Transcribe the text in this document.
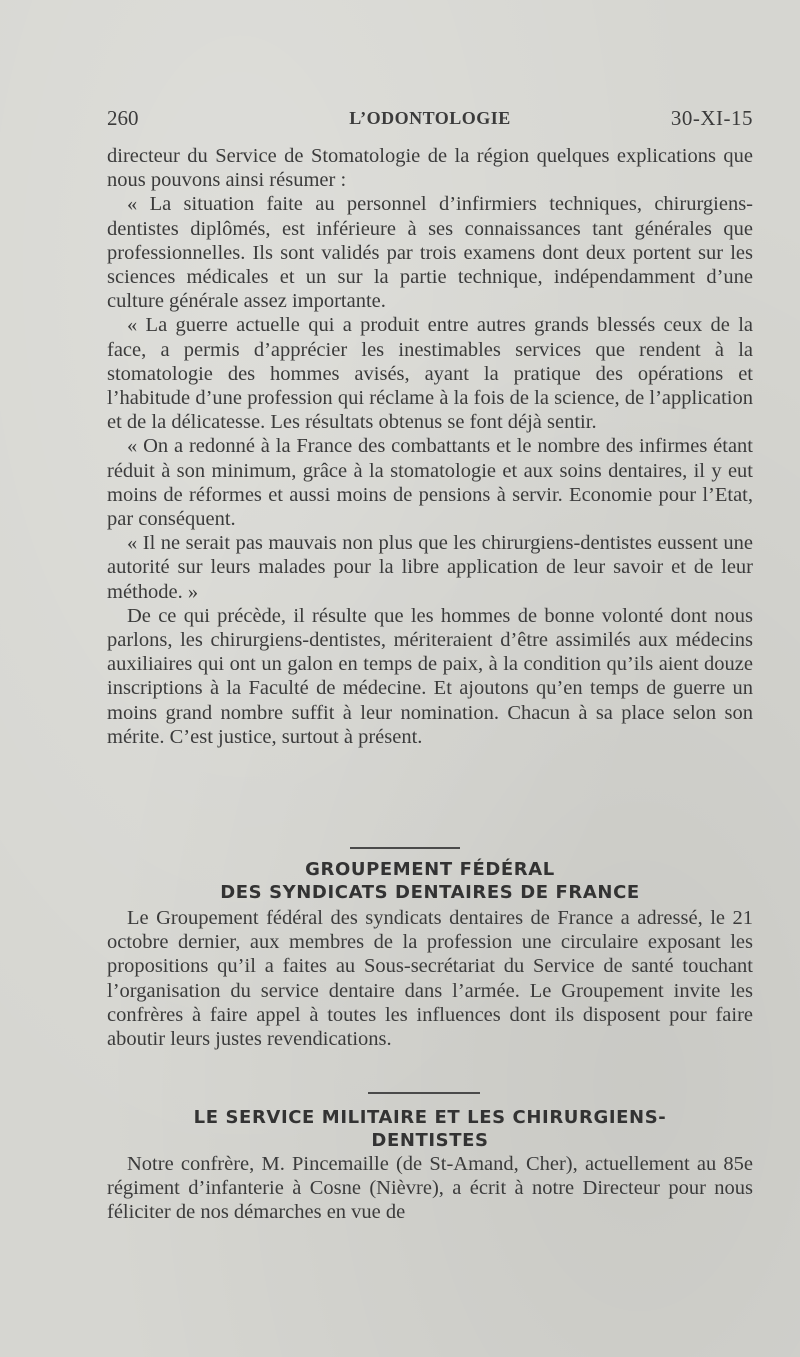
260	L’ODONTOLOGIE	30-XI-15

directeur du Service de Stomatologie de la région quelques explications que nous pouvons ainsi résumer :

« La situation faite au personnel d’infirmiers techniques, chirurgiens-dentistes diplômés, est inférieure à ses connaissances tant générales que professionnelles. Ils sont validés par trois examens dont deux portent sur les sciences médicales et un sur la partie technique, indépendamment d’une culture générale assez importante.

« La guerre actuelle qui a produit entre autres grands blessés ceux de la face, a permis d’apprécier les inestimables services que rendent à la stomatologie des hommes avisés, ayant la pratique des opérations et l’habitude d’une profession qui réclame à la fois de la science, de l’application et de la délicatesse. Les résultats obtenus se font déjà sentir.

« On a redonné à la France des combattants et le nombre des infirmes étant réduit à son minimum, grâce à la stomatologie et aux soins dentaires, il y eut moins de réformes et aussi moins de pensions à servir. Economie pour l’Etat, par conséquent.

« Il ne serait pas mauvais non plus que les chirurgiens-dentistes eussent une autorité sur leurs malades pour la libre application de leur savoir et de leur méthode. »

De ce qui précède, il résulte que les hommes de bonne volonté dont nous parlons, les chirurgiens-dentistes, mériteraient d’être assimilés aux médecins auxiliaires qui ont un galon en temps de paix, à la condition qu’ils aient douze inscriptions à la Faculté de médecine. Et ajoutons qu’en temps de guerre un moins grand nombre suffit à leur nomination. Chacun à sa place selon son mérite. C’est justice, surtout à présent.

GROUPEMENT FÉDÉRAL
DES SYNDICATS DENTAIRES DE FRANCE

Le Groupement fédéral des syndicats dentaires de France a adressé, le 21 octobre dernier, aux membres de la profession une circulaire exposant les propositions qu’il a faites au Sous-secrétariat du Service de santé touchant l’organisation du service dentaire dans l’armée. Le Groupement invite les confrères à faire appel à toutes les influences dont ils disposent pour faire aboutir leurs justes revendications.

LE SERVICE MILITAIRE ET LES CHIRURGIENS-
DENTISTES

Notre confrère, M. Pincemaille (de St-Amand, Cher), actuellement au 85e régiment d’infanterie à Cosne (Nièvre), a écrit à notre Directeur pour nous féliciter de nos démarches en vue de
